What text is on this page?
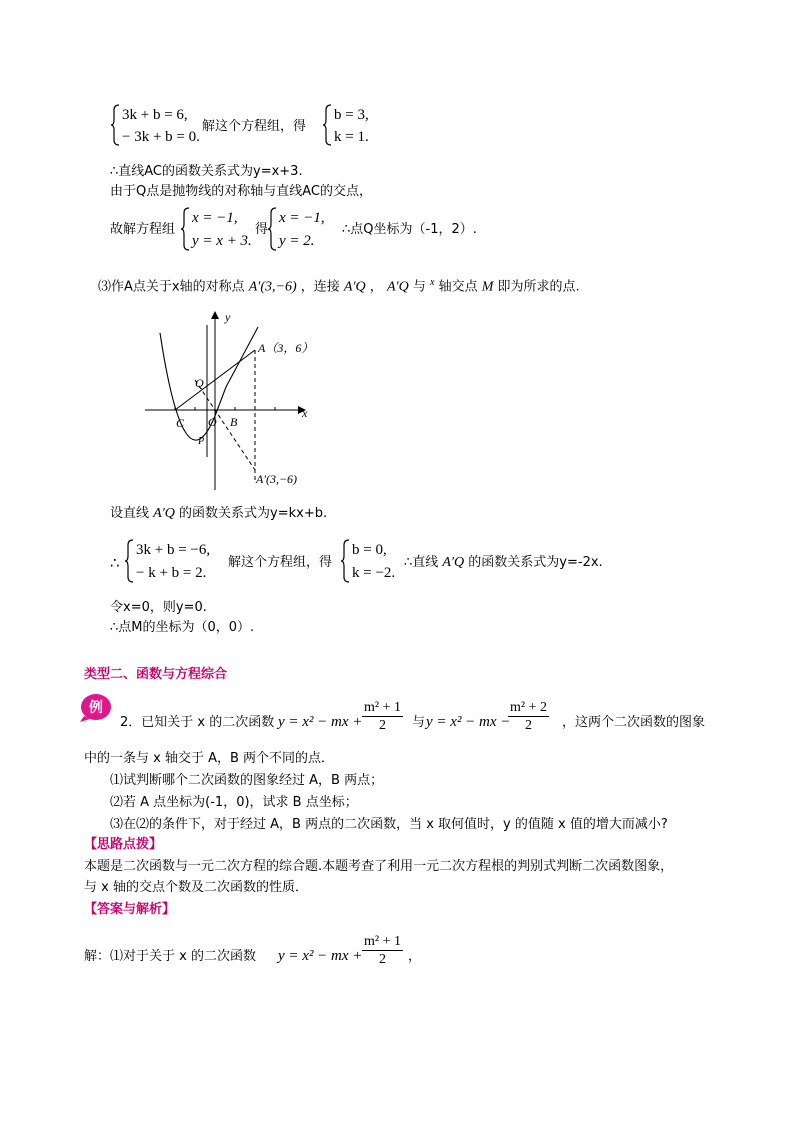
3k + b = 6,
− 3k + b = 0.
解这个方程组，得
b = 3,
k = 1.
∴直线AC的函数关系式为y=x+3.
由于Q点是抛物线的对称轴与直线AC的交点，
故解方程组
x = −1,
y = x + 3.
得
x = −1,
y = 2.
∴点Q坐标为（-1，2）.
⑶作A点关于x轴的对称点 A′(3,−6) ，连接 A′Q ， A′Q 与 $^x$ 轴交点 M 即为所求的点.
y
x
A（3，6）
Q
C O B
P
A′(3,−6)
设直线 A′Q 的函数关系式为y=kx+b.
∴
3k + b = −6,
− k + b = 2.
解这个方程组，得
b = 0,
k = −2.
∴直线 A′Q 的函数关系式为y=-2x.
令x=0，则y=0.
∴点M的坐标为（0，0）.
类型二、函数与方程综合
例
2．已知关于 x 的二次函数 y = x² − mx + $\frac{\text{m² + 1}}{2}$ 与 y = x² − mx −
$\frac{\text{m² + 2}}{2}$ ，这两个二次函数的图象
中的一条与 x 轴交于 A，B 两个不同的点．
⑴试判断哪个二次函数的图象经过 A，B 两点；
⑵若 A 点坐标为(-1，0)，试求 B 点坐标；
⑶在⑵的条件下，对于经过 A，B 两点的二次函数，当 x 取何值时，y 的值随 x 值的增大而减小?
【思路点拨】
本题是二次函数与一元二次方程的综合题.本题考查了利用一元二次方程根的判别式判断二次函数图象，
与 x 轴的交点个数及二次函数的性质．
【答案与解析】
解：⑴对于关于 x 的二次函数 y = x² − mx + $\frac{\text{m² + 1}}{2}$ ，
